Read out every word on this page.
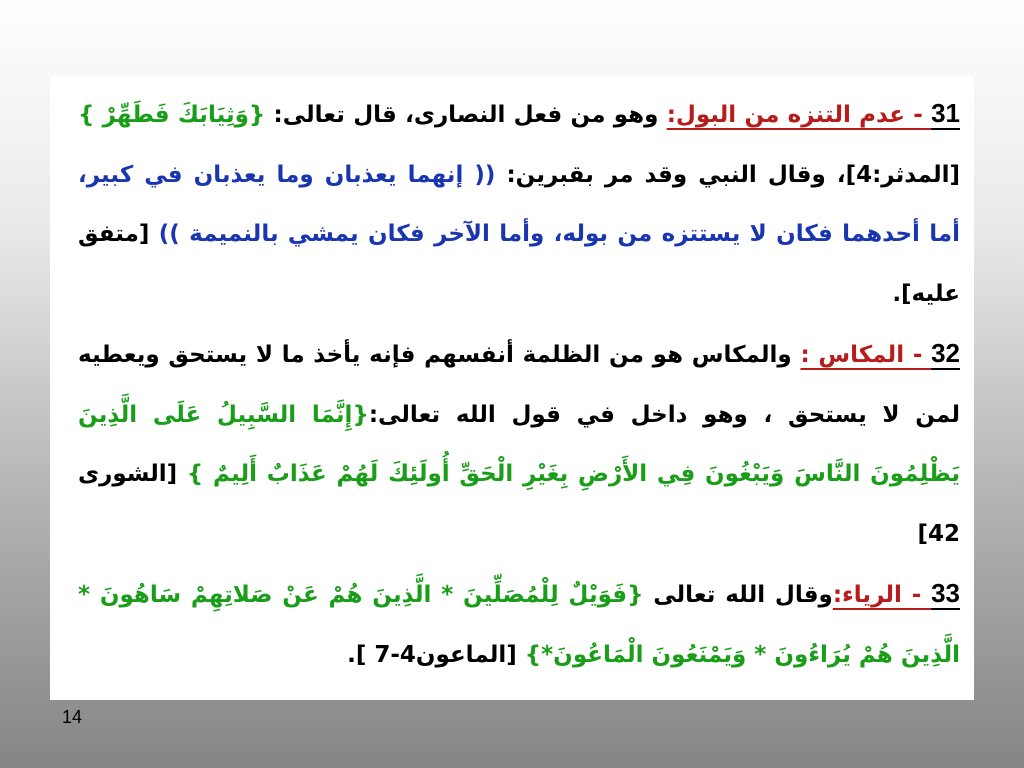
31 - عدم التنزه من البول: وهو من فعل النصارى، قال تعالى: {وَثِيَابَكَ فَطَهِّرْ } [المدثر:4]، وقال النبي وقد مر بقبرين: (( إنهما يعذبان وما يعذبان في كبير، أما أحدهما فكان لا يستتزه من بوله، وأما الآخر فكان يمشي بالنميمة )) [متفق عليه].
32 - المكاس : والمكاس هو من الظلمة أنفسهم فإنه يأخذ ما لا يستحق ويعطيه لمن لا يستحق ، وهو داخل في قول الله تعالى:{إِنَّمَا السَّبِيلُ عَلَى الَّذِينَ يَظْلِمُونَ النَّاسَ وَيَبْغُونَ فِي الأَرْضِ بِغَيْرِ الْحَقِّ أُولَئِكَ لَهُمْ عَذَابٌ أَلِيمٌ } [الشورى 42]
33 - الرياء:وقال الله تعالى {فَوَيْلٌ لِلْمُصَلِّينَ * الَّذِينَ هُمْ عَنْ صَلاتِهِمْ سَاهُونَ * الَّذِينَ هُمْ يُرَاءُونَ * وَيَمْنَعُونَ الْمَاعُونَ*} [الماعون4-7 ].
14
